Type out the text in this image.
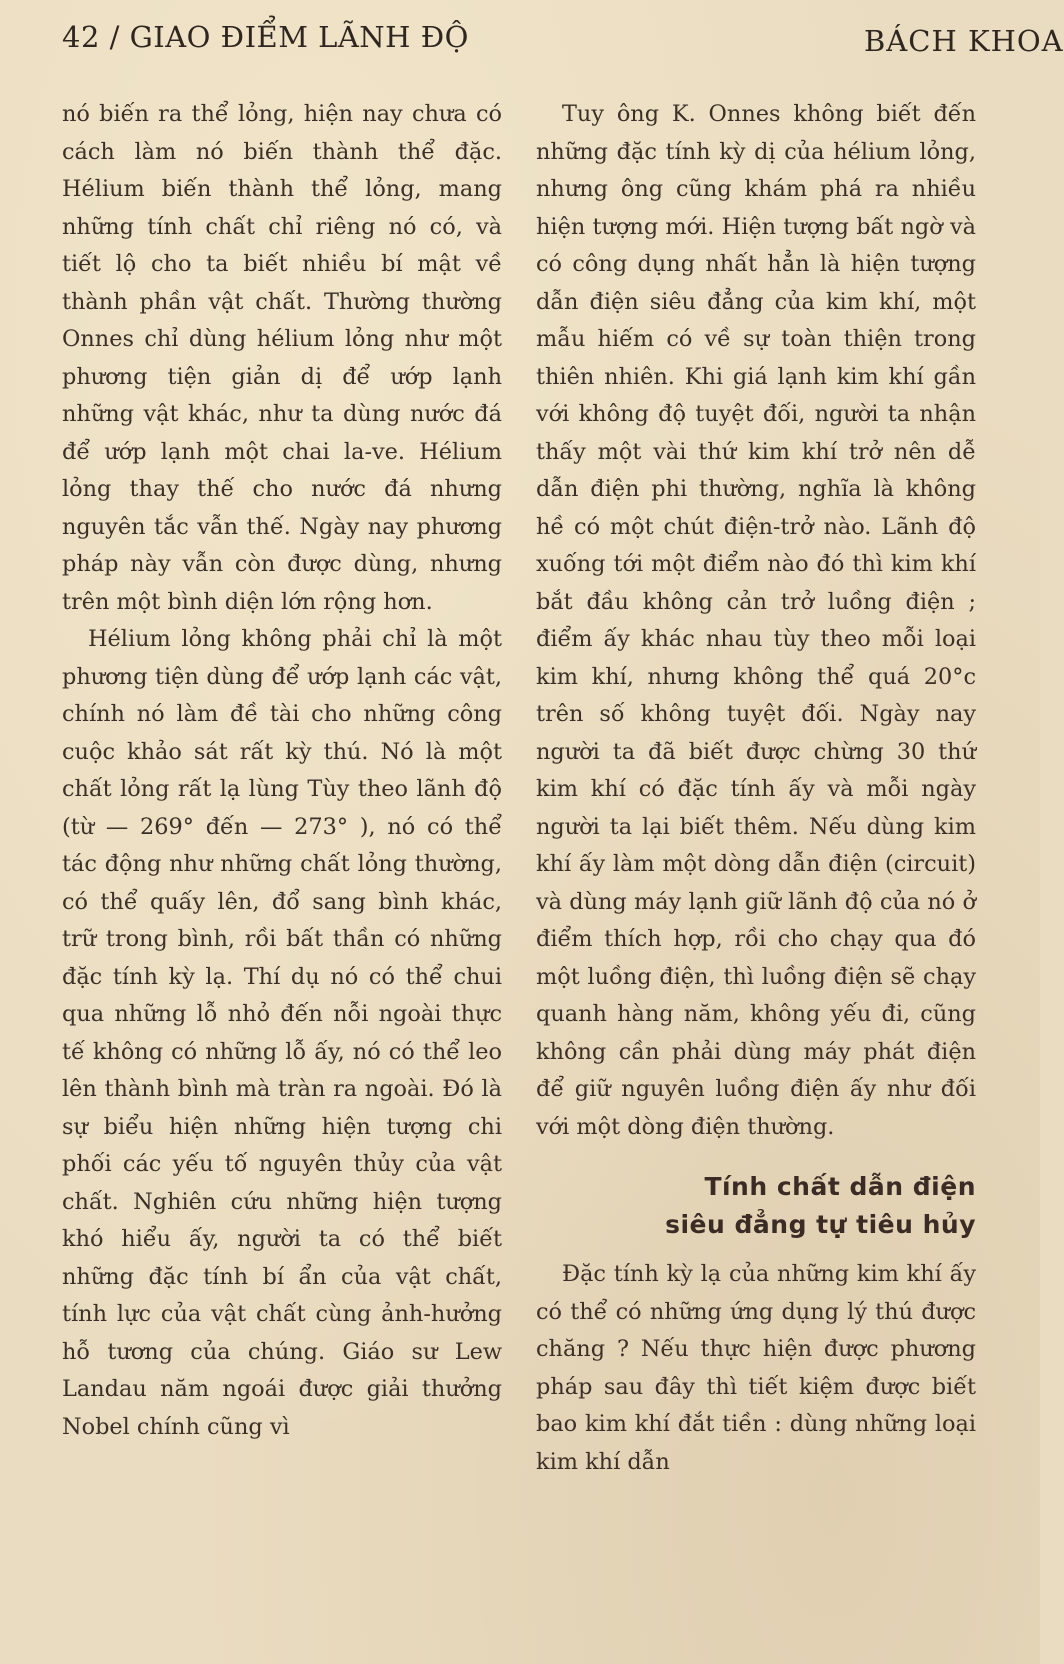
42 / GIAO ĐIỂM LÃNH ĐỘ	BÁCH KHOA

nó biến ra thể lỏng, hiện nay chưa có cách làm nó biến thành thể đặc. Hélium biến thành thể lỏng, mang những tính chất chỉ riêng nó có, và tiết lộ cho ta biết nhiều bí mật về thành phần vật chất. Thường thường Onnes chỉ dùng hélium lỏng như một phương tiện giản dị để ướp lạnh những vật khác, như ta dùng nước đá để ướp lạnh một chai la-ve. Hélium lỏng thay thế cho nước đá nhưng nguyên tắc vẫn thế. Ngày nay phương pháp này vẫn còn được dùng, nhưng trên một bình diện lớn rộng hơn.

Hélium lỏng không phải chỉ là một phương tiện dùng để ướp lạnh các vật, chính nó làm đề tài cho những công cuộc khảo sát rất kỳ thú. Nó là một chất lỏng rất lạ lùng Tùy theo lãnh độ (từ — 269° đến — 273° ), nó có thể tác động như những chất lỏng thường, có thể quấy lên, đổ sang bình khác, trữ trong bình, rồi bất thần có những đặc tính kỳ lạ. Thí dụ nó có thể chui qua những lỗ nhỏ đến nỗi ngoài thực tế không có những lỗ ấy, nó có thể leo lên thành bình mà tràn ra ngoài. Đó là sự biểu hiện những hiện tượng chi phối các yếu tố nguyên thủy của vật chất. Nghiên cứu những hiện tượng khó hiểu ấy, người ta có thể biết những đặc tính bí ẩn của vật chất, tính lực của vật chất cùng ảnh-hưởng hỗ tương của chúng. Giáo sư Lew Landau năm ngoái được giải thưởng Nobel chính cũng vì

Tuy ông K. Onnes không biết đến những đặc tính kỳ dị của hélium lỏng, nhưng ông cũng khám phá ra nhiều hiện tượng mới. Hiện tượng bất ngờ và có công dụng nhất hẳn là hiện tượng dẫn điện siêu đẳng của kim khí, một mẫu hiếm có về sự toàn thiện trong thiên nhiên. Khi giá lạnh kim khí gần với không độ tuyệt đối, người ta nhận thấy một vài thứ kim khí trở nên dễ dẫn điện phi thường, nghĩa là không hề có một chút điện-trở nào. Lãnh độ xuống tới một điểm nào đó thì kim khí bắt đầu không cản trở luồng điện ; điểm ấy khác nhau tùy theo mỗi loại kim khí, nhưng không thể quá 20°c trên số không tuyệt đối. Ngày nay người ta đã biết được chừng 30 thứ kim khí có đặc tính ấy và mỗi ngày người ta lại biết thêm. Nếu dùng kim khí ấy làm một dòng dẫn điện (circuit) và dùng máy lạnh giữ lãnh độ của nó ở điểm thích hợp, rồi cho chạy qua đó một luồng điện, thì luồng điện sẽ chạy quanh hàng năm, không yếu đi, cũng không cần phải dùng máy phát điện để giữ nguyên luồng điện ấy như đối với một dòng điện thường.

Tính chất dẫn điện
siêu đẳng tự tiêu hủy

Đặc tính kỳ lạ của những kim khí ấy có thể có những ứng dụng lý thú được chăng ? Nếu thực hiện được phương pháp sau đây thì tiết kiệm được biết bao kim khí đắt tiền : dùng những loại kim khí dẫn
